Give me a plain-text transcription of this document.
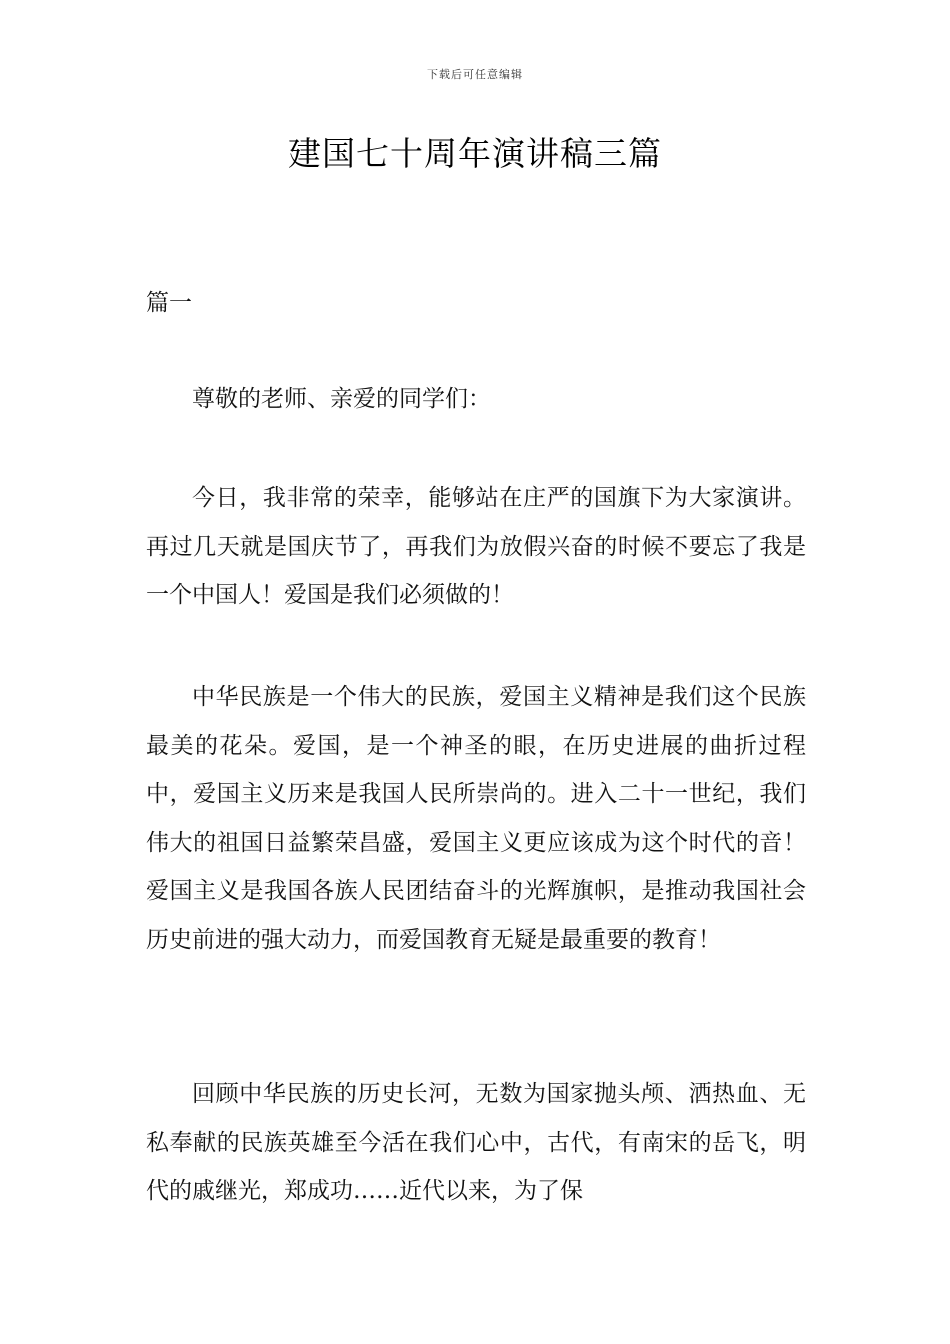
下载后可任意编辑
建国七十周年演讲稿三篇

篇一

尊敬的老师、亲爱的同学们：

今日，我非常的荣幸，能够站在庄严的国旗下为大家演讲。再过几天就是国庆节了，再我们为放假兴奋的时候不要忘了我是一个中国人！爱国是我们必须做的！

中华民族是一个伟大的民族，爱国主义精神是我们这个民族最美的花朵。爱国，是一个神圣的眼，在历史进展的曲折过程中，爱国主义历来是我国人民所崇尚的。进入二十一世纪，我们伟大的祖国日益繁荣昌盛，爱国主义更应该成为这个时代的音！爱国主义是我国各族人民团结奋斗的光辉旗帜，是推动我国社会历史前进的强大动力，而爱国教育无疑是最重要的教育！

回顾中华民族的历史长河，无数为国家抛头颅、洒热血、无私奉献的民族英雄至今活在我们心中，古代，有南宋的岳飞，明代的戚继光，郑成功……近代以来，为了保
